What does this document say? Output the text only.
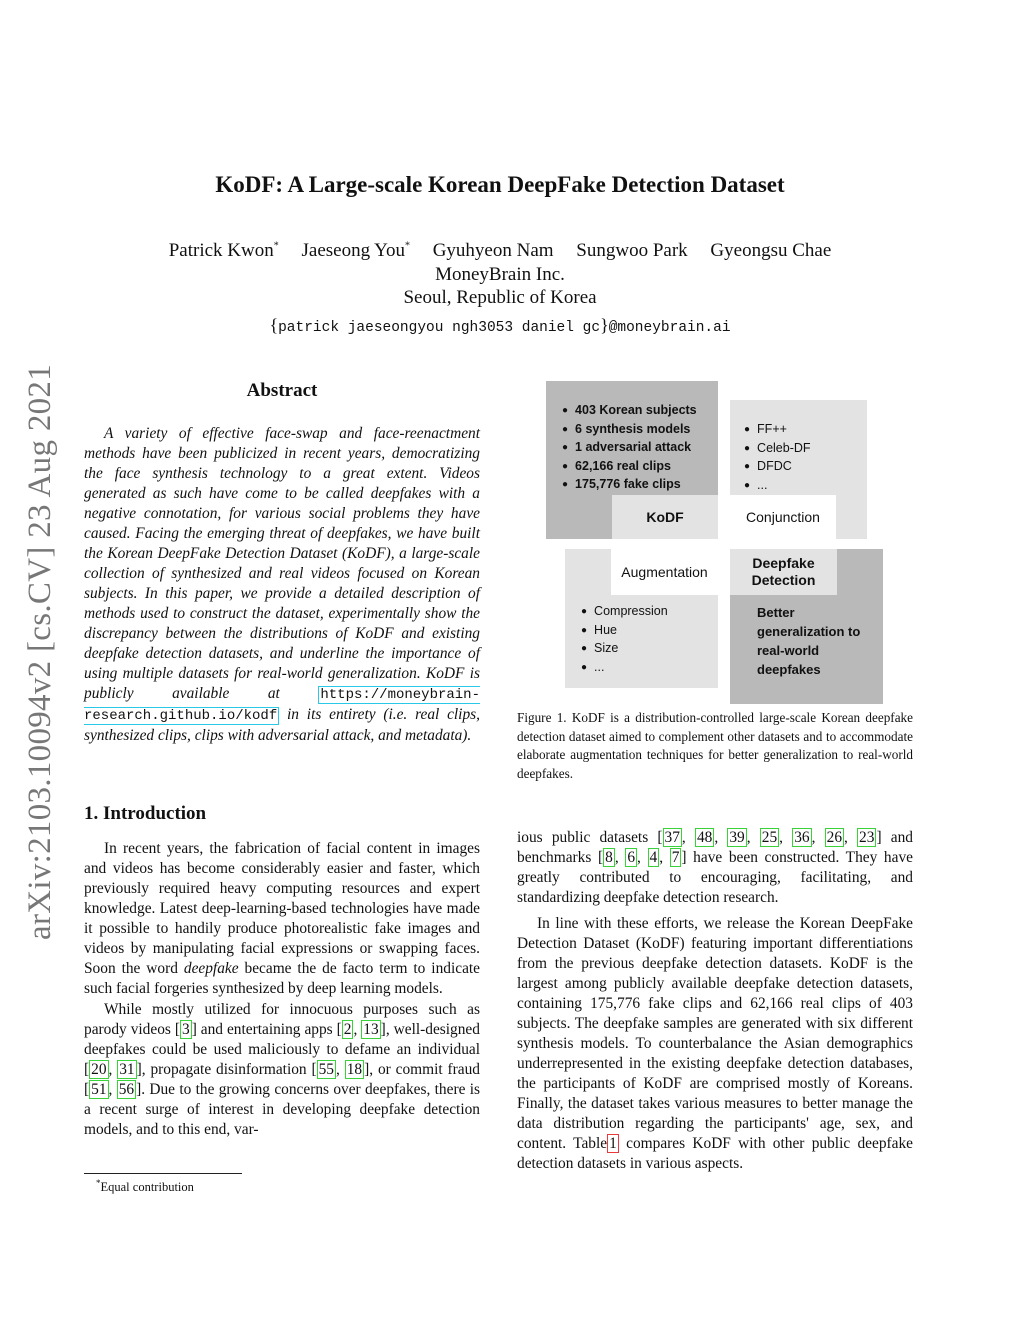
arXiv:2103.10094v2 [cs.CV] 23 Aug 2021
KoDF: A Large-scale Korean DeepFake Detection Dataset
Patrick Kwon* Jaeseong You* Gyuhyeon Nam Sungwoo Park Gyeongsu Chae
MoneyBrain Inc.
Seoul, Republic of Korea
{patrick jaeseongyou ngh3053 daniel gc}@moneybrain.ai
Abstract
A variety of effective face-swap and face-reenactment methods have been publicized in recent years, democratizing the face synthesis technology to a great extent. Videos generated as such have come to be called deepfakes with a negative connotation, for various social problems they have caused. Facing the emerging threat of deepfakes, we have built the Korean DeepFake Detection Dataset (KoDF), a large-scale collection of synthesized and real videos focused on Korean subjects. In this paper, we provide a detailed description of methods used to construct the dataset, experimentally show the discrepancy between the distributions of KoDF and existing deepfake detection datasets, and underline the importance of using multiple datasets for real-world generalization. KoDF is publicly available at	https://moneybrain-research.github.io/kodf in its entirety (i.e. real clips, synthesized clips, clips with adversarial attack, and metadata).
1. Introduction

In recent years, the fabrication of facial content in images and videos has become considerably easier and faster, which previously required heavy computing resources and expert knowledge. Latest deep-learning-based technologies have made it possible to handily produce photorealistic fake images and videos by manipulating facial expressions or swapping faces. Soon the word deepfake became the de facto term to indicate such facial forgeries synthesized by deep learning models.

While mostly utilized for innocuous purposes such as parody videos [ 3 ] and entertaining apps [ 2 , 13 ], well-designed deepfakes could be used maliciously to defame an individual [ 20 , 31 ], propagate disinformation [ 55 , 18 ], or commit fraud [ 51 , 56 ]. Due to the growing concerns over deepfakes, there is a recent surge of interest in developing deepfake detection models, and to this end, var-

*Equal contribution
● 403 Korean subjects
● 6 synthesis models
● 1 adversarial attack
● 62,166 real clips
● 175,776 fake clips
● FF++
● Celeb-DF
● DFDC
● ...
KoDF	Conjunction
● Compression
● Hue
● Size
● ...
Augmentation
Better generalization to real-world deepfakes
Deepfake Detection
Figure 1. KoDF is a distribution-controlled large-scale Korean deepfake detection dataset aimed to complement other datasets and to accommodate elaborate augmentation techniques for better generalization to real-world deepfakes.

ious public datasets [ 37 , 48 , 39 , 25 , 36 , 26 , 23 ] and benchmarks [ 8 , 6 , 4 , 7 ] have been constructed. They have greatly contributed to encouraging, facilitating, and standardizing deepfake detection research.

In line with these efforts, we release the Korean DeepFake Detection Dataset (KoDF) featuring important differentiations from the previous deepfake detection datasets. KoDF is the largest among publicly available deepfake detection datasets, containing 175,776 fake clips and 62,166 real clips of 403 subjects. The deepfake samples are generated with six different synthesis models. To counterbalance the Asian demographics underrepresented in the existing deepfake detection databases, the participants of KoDF are comprised mostly of Koreans. Finally, the dataset takes various measures to better manage the data distribution regarding the participants' age, sex, and content. Table 1 compares KoDF with other public deepfake detection datasets in various aspects.
